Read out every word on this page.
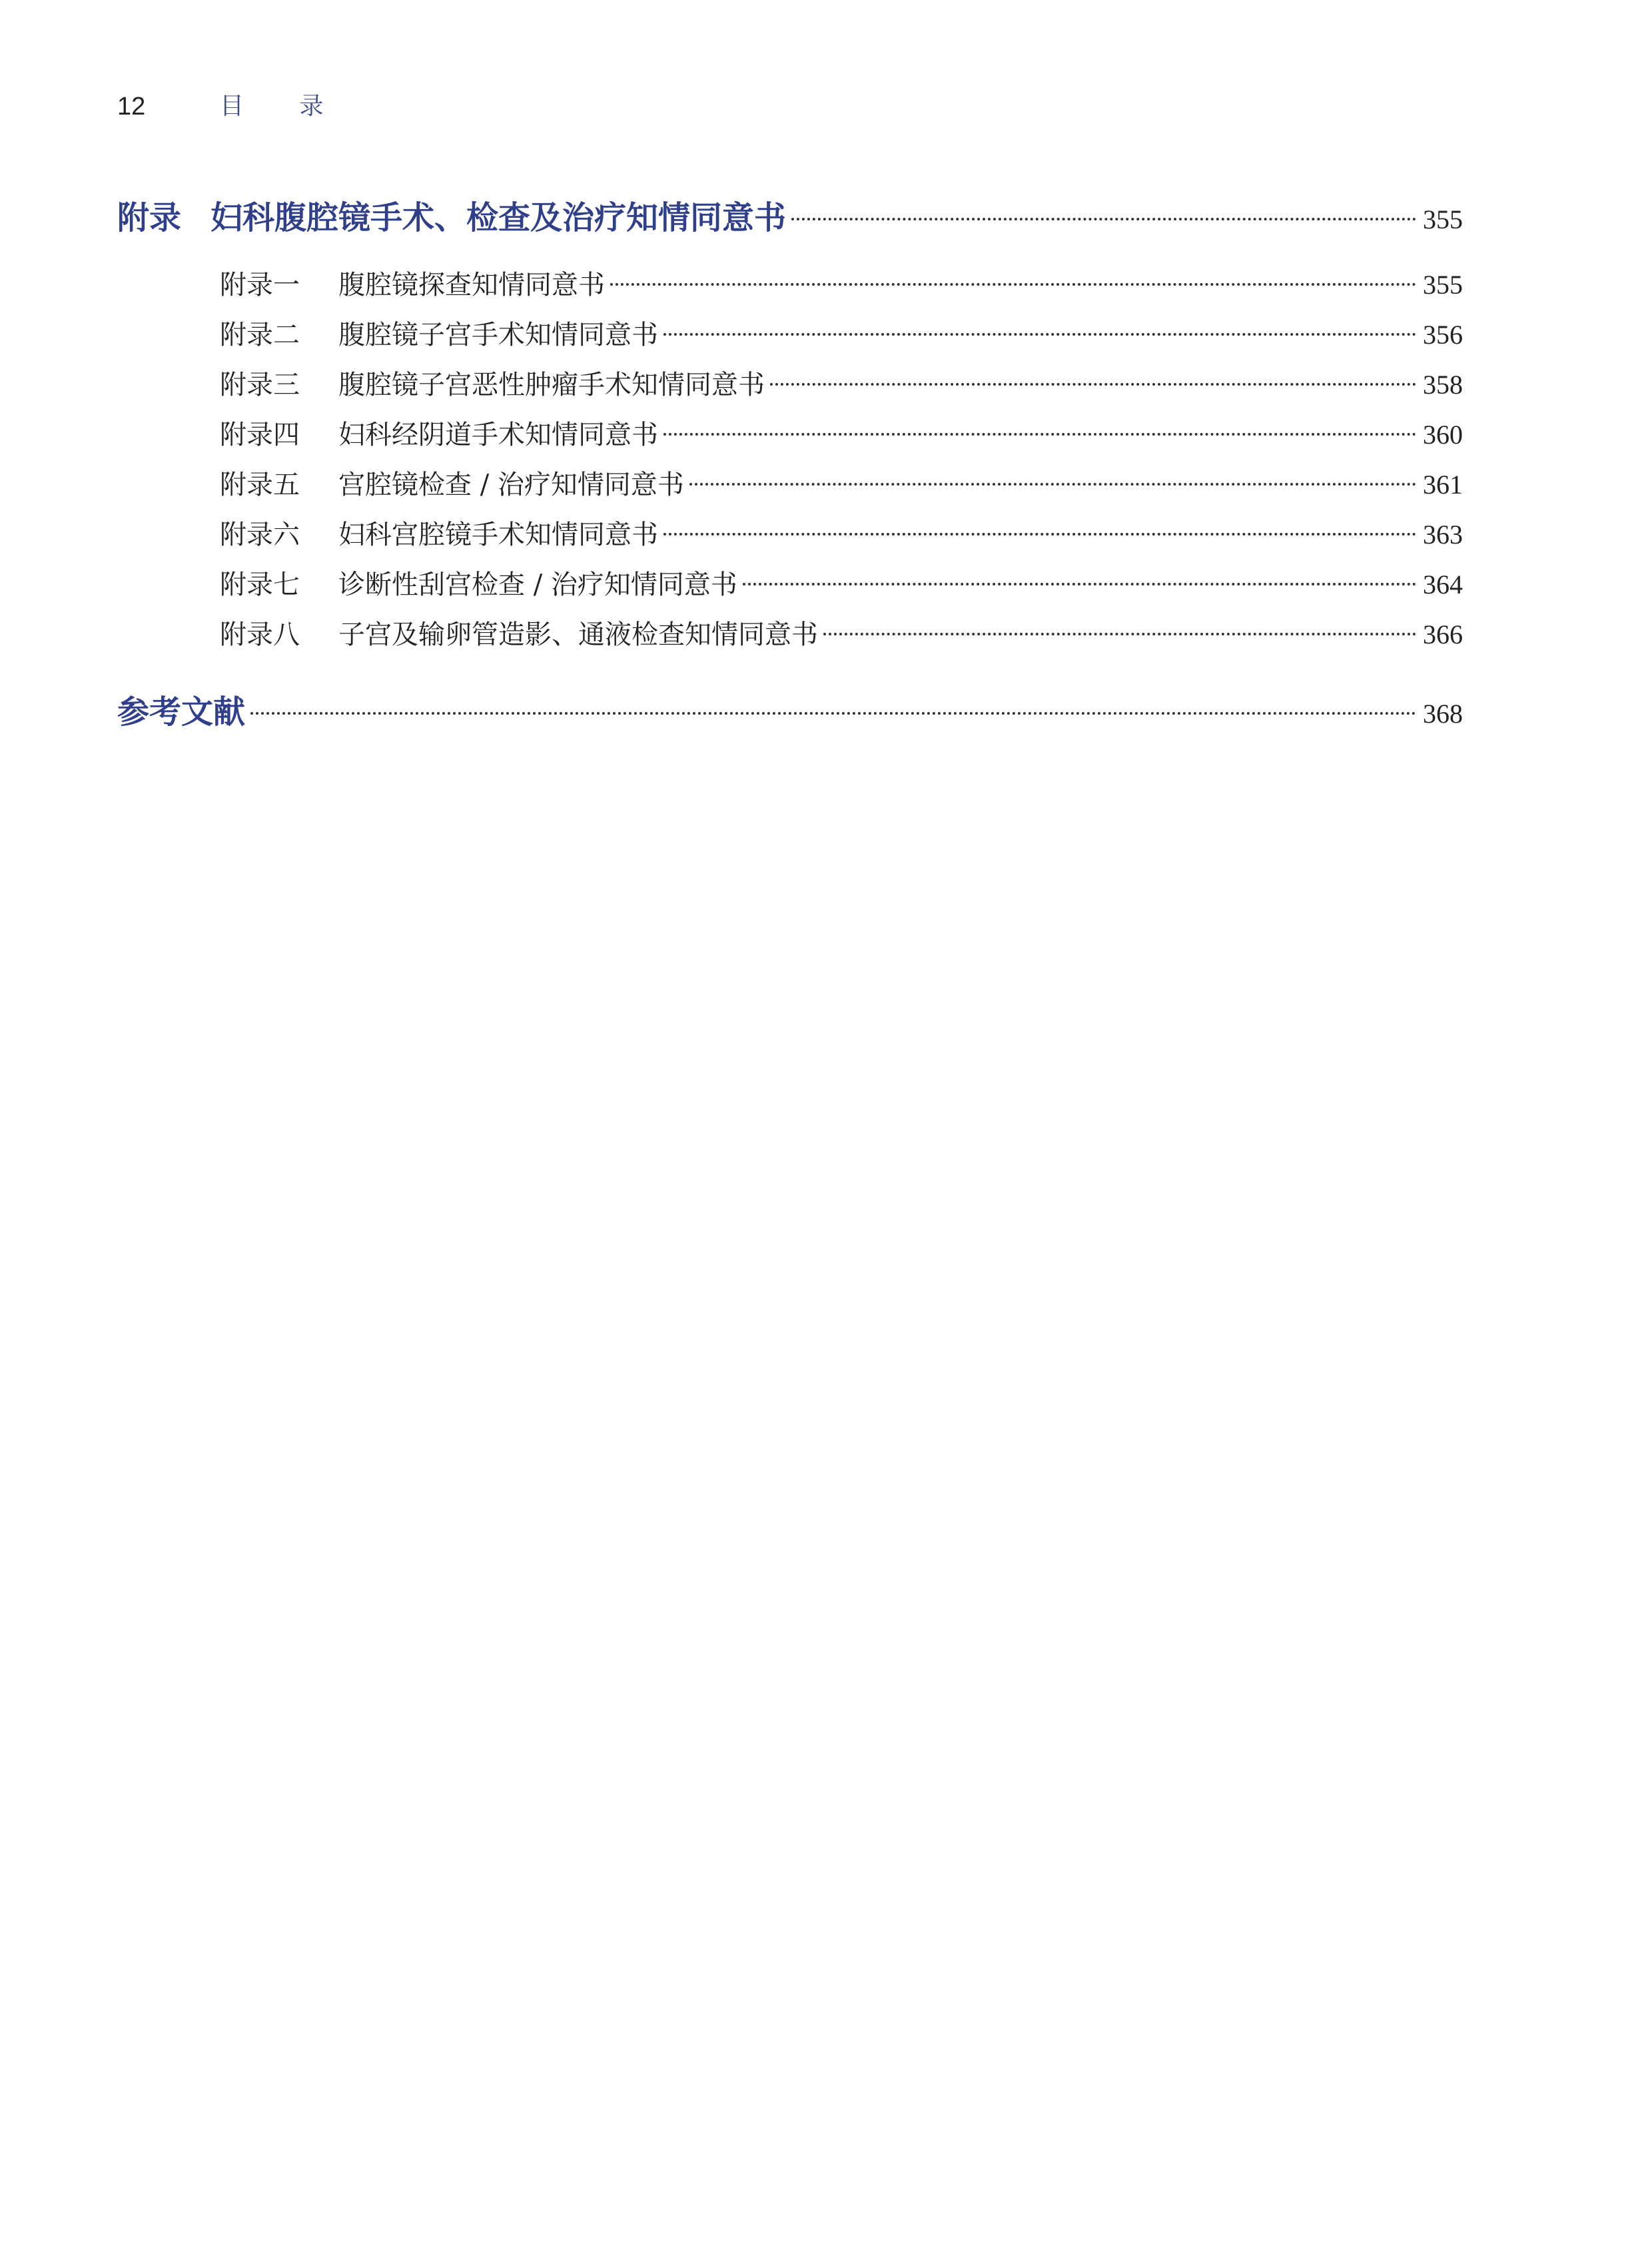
12	目 录
附录 妇科腹腔镜手术、检查及治疗知情同意书	355
附录一	腹腔镜探查知情同意书	355
附录二	腹腔镜子宫手术知情同意书	356
附录三	腹腔镜子宫恶性肿瘤手术知情同意书	358
附录四	妇科经阴道手术知情同意书	360
附录五	宫腔镜检查 / 治疗知情同意书	361
附录六	妇科宫腔镜手术知情同意书	363
附录七	诊断性刮宫检查 / 治疗知情同意书	364
附录八	子宫及输卵管造影、通液检查知情同意书	366
参考文献	368
